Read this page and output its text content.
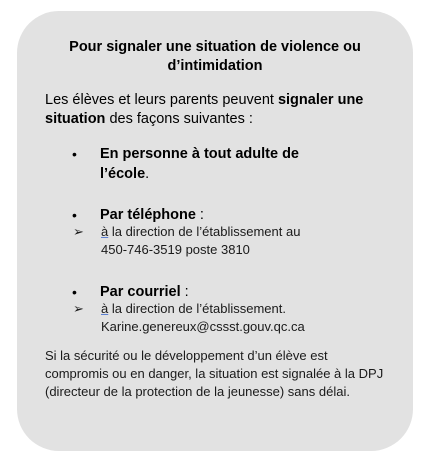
Pour signaler une situation de violence ou
d’intimidation
Les élèves et leurs parents peuvent signaler une situation des façons suivantes :
• En personne à tout adulte de l’école.
• Par téléphone :
➢ à la direction de l’établissement au
450-746-3519 poste 3810
• Par courriel :
➢ à la direction de l’établissement.
Karine.genereux@cssst.gouv.qc.ca
Si la sécurité ou le développement d’un élève est compromis ou en danger, la situation est signalée à la DPJ (directeur de la protection de la jeunesse) sans délai.
